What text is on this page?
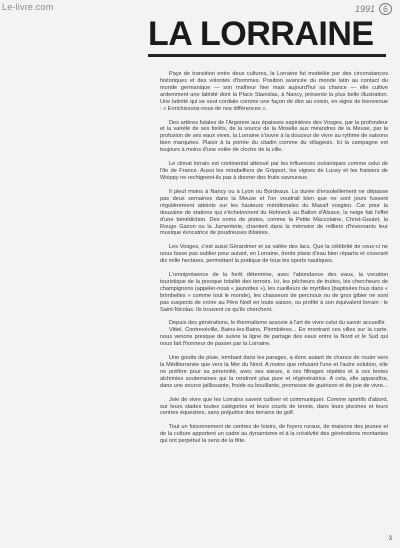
Le-livre.com	1991 6
LA LORRAINE

Pays de transition entre deux cultures, la Lorraine fut modelée par des circonstances historiques et des volontés d'hommes. Position avancée du monde latin au contact du monde germanique — son malheur hier mais aujourd'hui sa chance — elle cultive ardemment une latinité dont la Place Stanislas, à Nancy, présente la plus belle illustration. Une latinité qui se veut cordiale comme une façon de dire au voisin, en signe de bienvenue : « Enrichissons-nous de nos différences ».

Des artères futales de l'Argonne aux épaisses sapinières des Vosges, par la profondeur et la variété de ses forêts, de la source de la Moselle aux méandres de la Meuse, par la profusion de ses eaux vives, la Lorraine s'ouvre à la douceur de vivre au rythme de saisons bien marquées. Plaisir à la portée du citadin comme du villageois. Ici la campagne est toujours à moins d'une volée de cloche de la ville.

Le climat lorrain est continental atténué par les influences océaniques comme celui de l'Ile de France. Aussi les mirabelliers de Gripport, les vignes de Lucey et les fraisiers de Woippy ne rechignent-ils pas à donner des fruits savoureux.

Il pleut moins à Nancy ou à Lyon ou Bordeaux. La durée d'ensoleillement ne dépasse pas deux semaines dans la Meuse et l'on voudrait bien que ne sont jours fussent régulièrement atteints sur les hauteurs méridionales du Massif vosgien. Car pour la douzaine de stations qui s'échelonnent du Hohneck au Ballon d'Alsace, la neige fait l'effet d'une bénédiction. Des noms de pistes, comme la Petite Maccolaine, Christ-Goutet, la Rouge Gazon ou la Jumenterie, chantent dans la mémoire de milliers d'hivernants leur musique évocatrice de poudreuses dilatées.

Les Vosges, c'est aussi Gérardmer et sa vallée des lacs. Que la célébrité de ceux-ci ne nous fasse pas oublier pour autant, en Lorraine, trente plans d'eau bien répartis et couvrant dix mille hectares, permettant la pratique de tous les sports nautiques.

L'omniprésence de la forêt détermine, avec l'abondance des eaux, la vocation touristique de la presque totalité des terroirs. Ici, les pêcheurs de truites, les chercheurs de champignons (appeler-nous « jaunottes »), les cueilleurs de myrtilles (baptisées fous dans « brimbelles » comme tout le monde), les chasseurs de percnoux ou de gros gibier ne sont pas suspects de croire au Père Noël en toute saison, ou profité à son équivalent lorrain : le Saint-Nicolas. Ils trouvent ce qu'ils cherchent.

Depuis des générations, le thermalisme associe à l'art de vivre celui du savoir accueillir.

Vittel, Contrexéville, Bains-les-Bains, Plombières... En montrant ces villes sur la carte, nous venons presque de suivre la ligne de partage des eaux entre la Nord et le Sud qui nous fait l'honneur de passer par la Lorraine.

Une goutte de pluie, tombant dans les parages, a donc autant de chance de rouler vers la Méditerranée que vers la Mer du Nord. A moins que refusant l'une et l'autre solution, elle ne préfère pour sa pérennité, avec ses sœurs, à ces filtrages répétés et à ces lentes alchimies souterraines qui la rendront plus pure et régénératrice. A cela, elle apparaîtra, dans une source jaillissante, froide ou bouillante, promesse de guérison et de joie de vivre...

Joie de vivre que les Lorrains savent cultiver et communiquer. Comme sportifs d'abord, sur leurs stades toutes catégories et leurs courts de tennis, dans leurs piscines et leurs centres équestres, sans préjudice des terrains de golf.

Tout un foisonnement de centres de loisirs, de foyers ruraux, de maisons des jeunes et de la culture apportent un cadre au dynamisme et à la créativité des générations montantes qui ont perpétué la sens de la fête.

3
